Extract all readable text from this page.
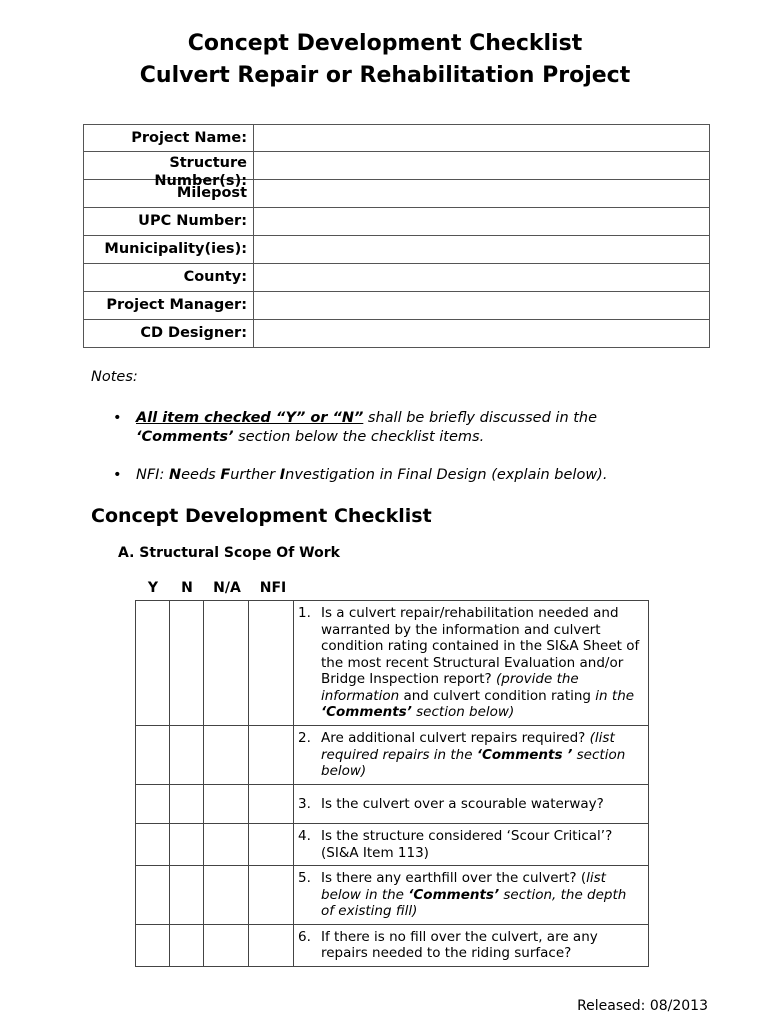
Concept Development Checklist
Culvert Repair or Rehabilitation Project
Project Name:	

Structure Number(s):	

Milepost	
UPC Number:	
Municipality(ies):	
County:	
Project Manager:	
CD Designer:	
Notes:
• All item checked “Y” or “N” shall be briefly discussed in the ‘Comments’ section below the checklist items.
• NFI: Needs Further Investigation in Final Design (explain below).
Concept Development Checklist
A. Structural Scope Of Work
Y	N	N/A	NFI

				1. Is a culvert repair/rehabilitation needed and warranted by the information and culvert condition rating contained in the SI&A Sheet of the most recent Structural Evaluation and/or Bridge Inspection report? (provide the information and culvert condition rating in the ‘Comments’ section below)

				2. Are additional culvert repairs required? (list required repairs in the ‘Comments ’ section below)

				3. Is the culvert over a scourable waterway?

				4. Is the structure considered ‘Scour Critical’? (SI&A Item 113)

				5. Is there any earthfill over the culvert? (list below in the ‘Comments’ section, the depth of existing fill)

				6. If there is no fill over the culvert, are any repairs needed to the riding surface?
Released: 08/2013
